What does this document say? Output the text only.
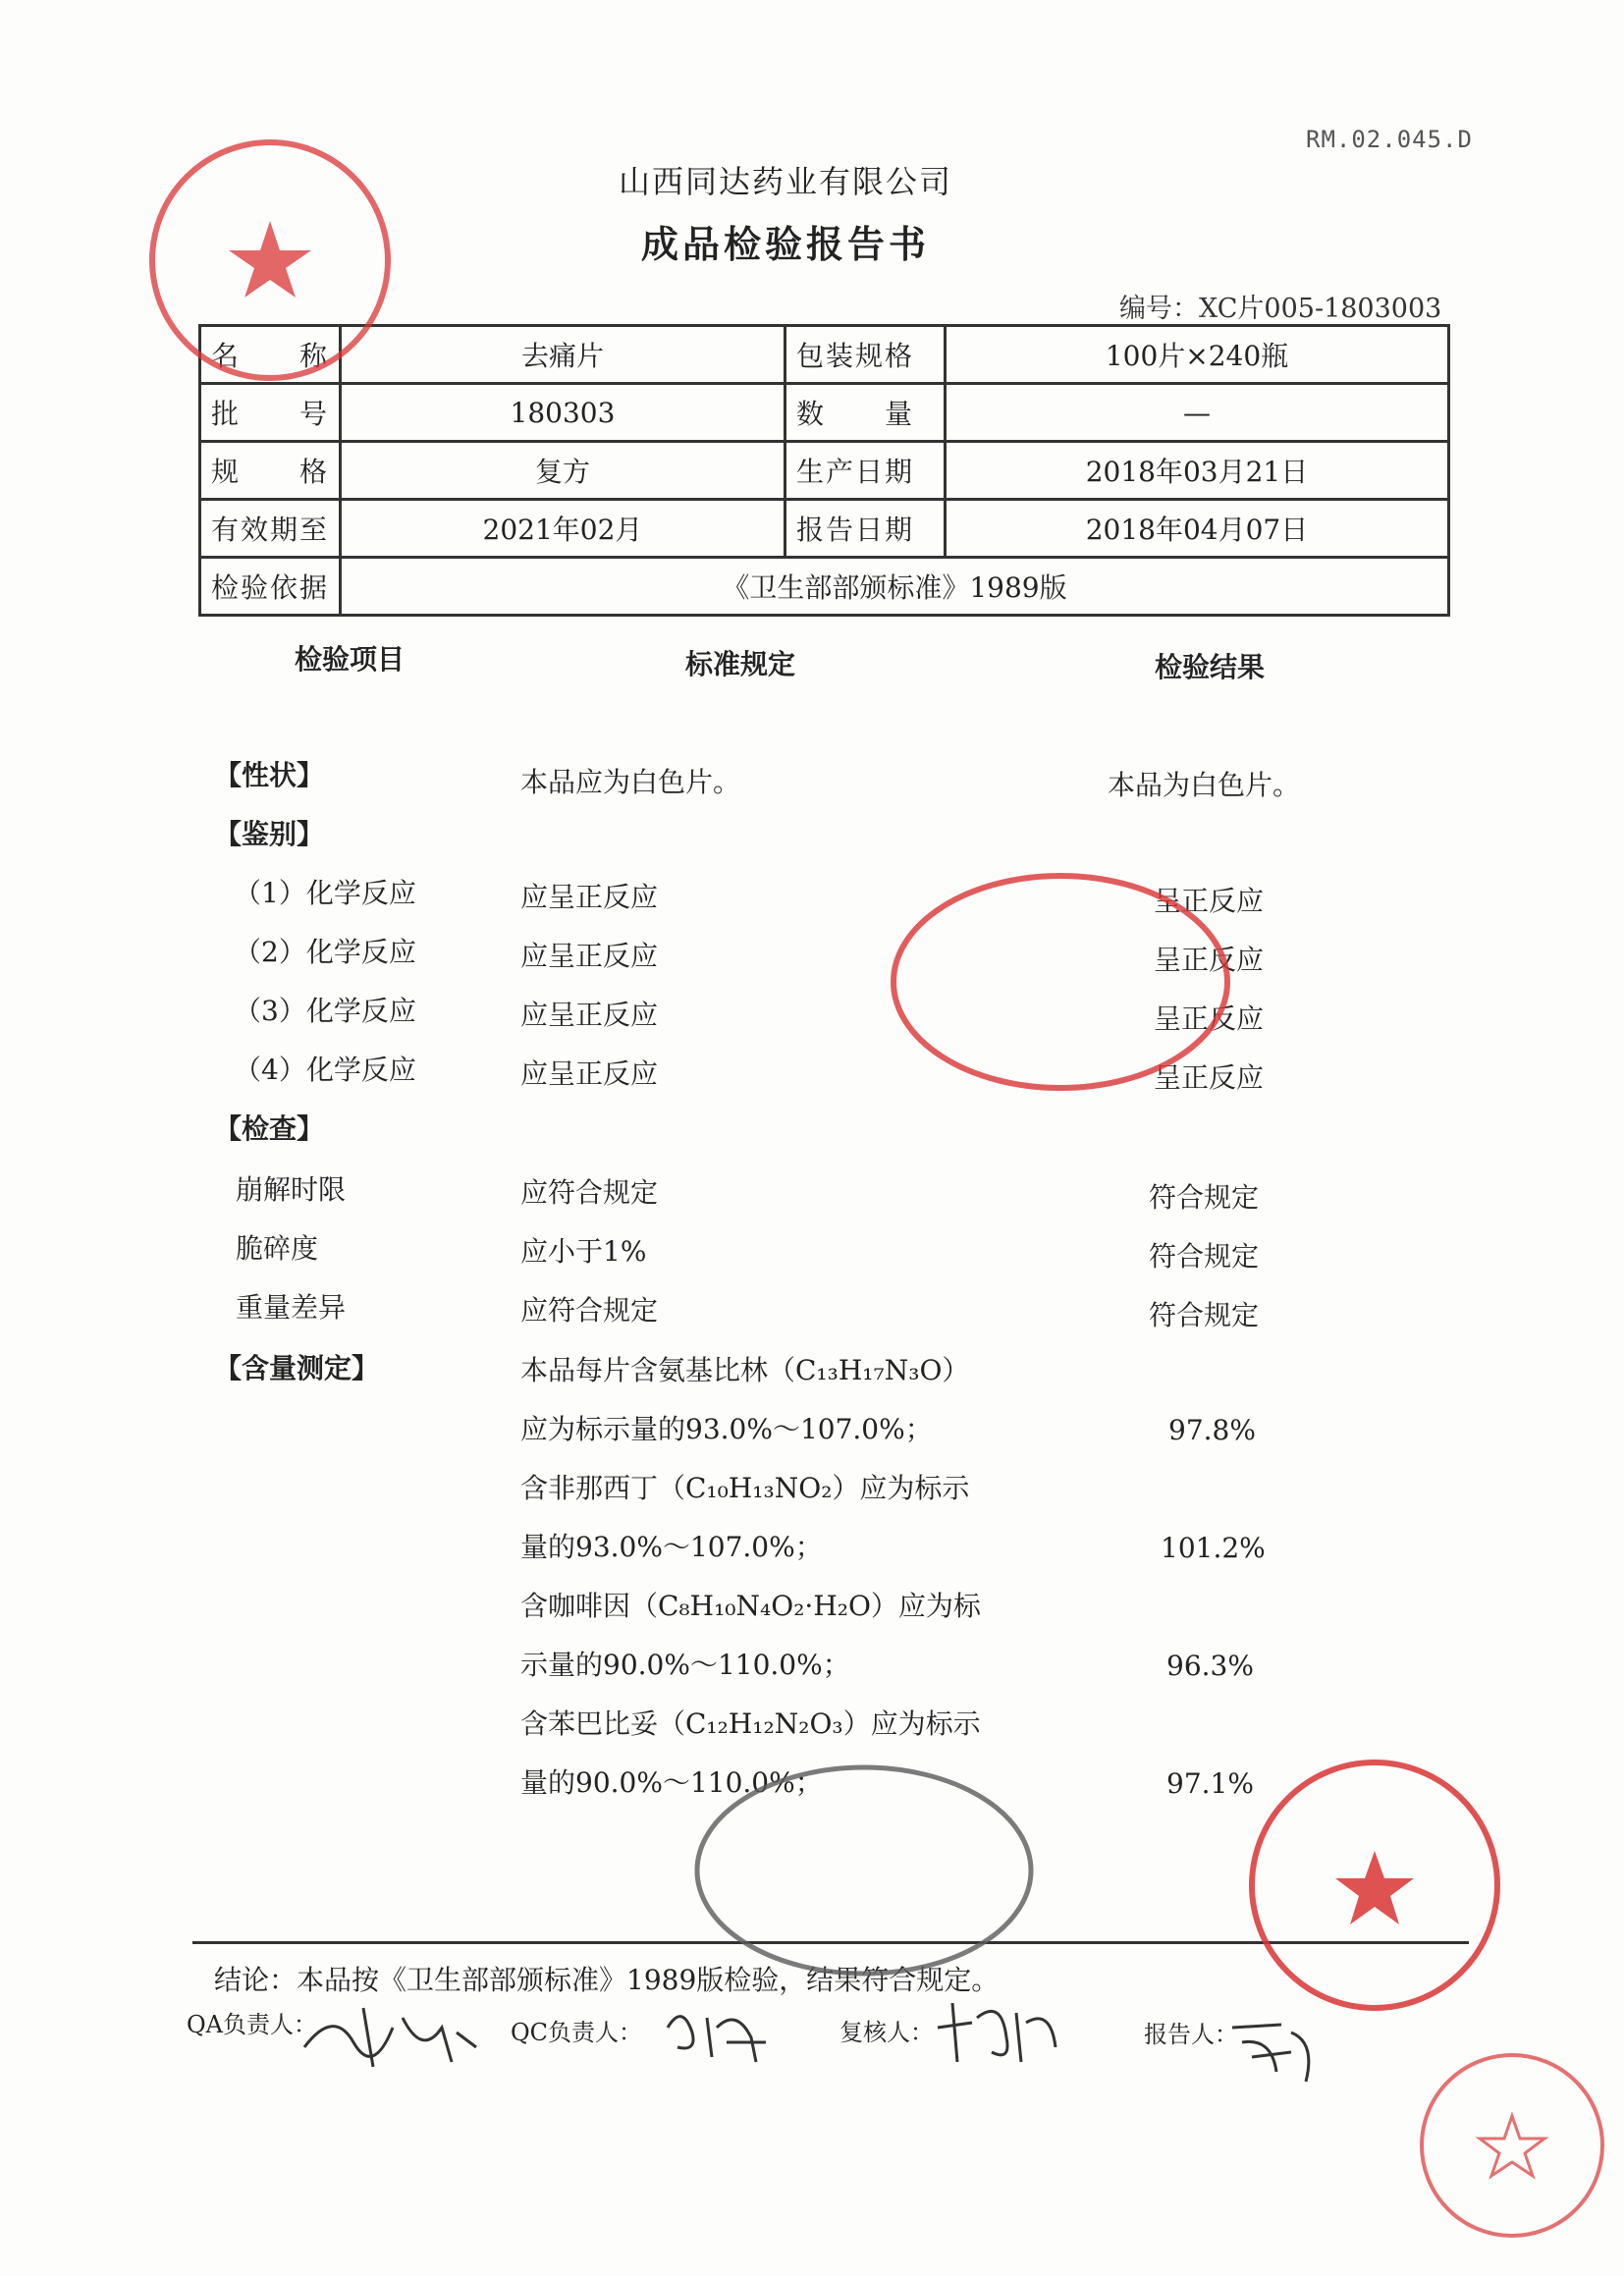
RM.02.045.D
山西同达药业有限公司
成品检验报告书
编号：XC片005-1803003
名　　称	去痛片	包装规格	100片×240瓶
批　　号	180303	数　　量	—
规　　格	复方	生产日期	2018年03月21日
有效期至	2021年02月	报告日期	2018年04月07日
检验依据	《卫生部部颁标准》1989版		
检验项目	标准规定	检验结果
【性状】	本品应为白色片。	本品为白色片。
【鉴别】
（1）化学反应	应呈正反应	呈正反应
（2）化学反应	应呈正反应	呈正反应
（3）化学反应	应呈正反应	呈正反应
（4）化学反应	应呈正反应	呈正反应
【检查】
崩解时限	应符合规定	符合规定
脆碎度	应小于1%	符合规定
重量差异	应符合规定	符合规定
【含量测定】	本品每片含氨基比林（C₁₃H₁₇N₃O）
应为标示量的93.0%～107.0%；	97.8%
含非那西丁（C₁₀H₁₃NO₂）应为标示
量的93.0%～107.0%；	101.2%
含咖啡因（C₈H₁₀N₄O₂·H₂O）应为标
示量的90.0%～110.0%；	96.3%
含苯巴比妥（C₁₂H₁₂N₂O₃）应为标示
量的90.0%～110.0%；	97.1%
结论：本品按《卫生部部颁标准》1989版检验，结果符合规定。
QA负责人：	QC负责人：	复核人：	报告人：
